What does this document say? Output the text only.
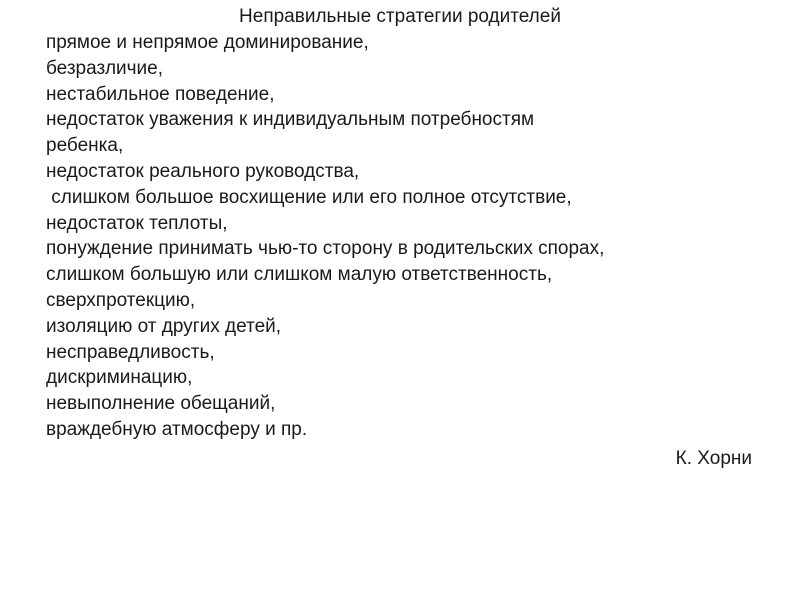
Неправильные стратегии родителей
прямое и непрямое доминирование,
безразличие,
нестабильное поведение,
недостаток уважения к индивидуальным потребностям
ребенка,
недостаток реального руководства,
слишком большое восхищение или его полное отсутствие,
недостаток теплоты,
понуждение принимать чью-то сторону в родительских спорах,
слишком большую или слишком малую ответственность,
сверхпротекцию,
изоляцию от других детей,
несправедливость,
дискриминацию,
невыполнение обещаний,
враждебную атмосферу и пр.
К. Хорни
